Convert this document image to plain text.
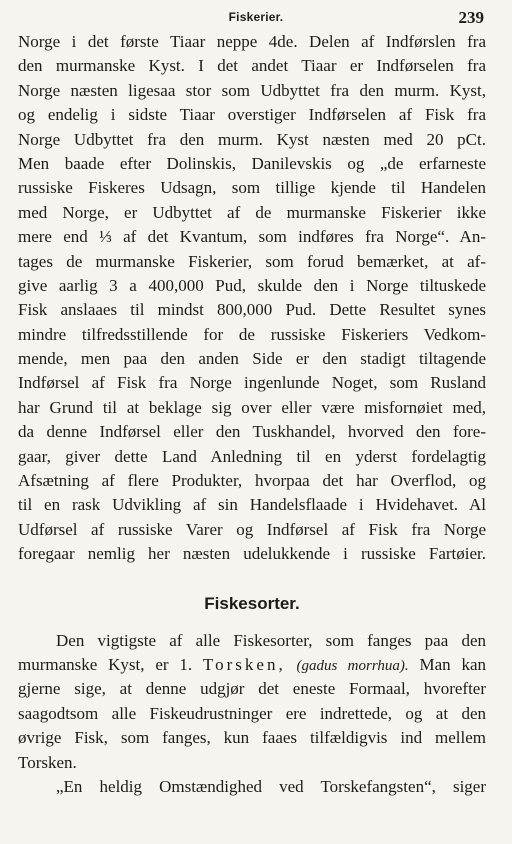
Fiskerier.	239
Norge i det første Tiaar neppe 4de. Delen af Indførslen fra
den murmanske Kyst. I det andet Tiaar er Indførselen fra
Norge næsten ligesaa stor som Udbyttet fra den murm. Kyst,
og endelig i sidste Tiaar overstiger Indførselen af Fisk fra
Norge Udbyttet fra den murm. Kyst næsten med 20 pCt.
Men baade efter Dolinskis, Danilevskis og „de erfarneste
russiske Fiskeres Udsagn, som tillige kjende til Handelen
med Norge, er Udbyttet af de murmanske Fiskerier ikke
mere end ⅓ af det Kvantum, som indføres fra Norge“. An-
tages de murmanske Fiskerier, som forud bemærket, at af-
give aarlig 3 a 400,000 Pud, skulde den i Norge tiltuskede
Fisk anslaaes til mindst 800,000 Pud. Dette Resultet synes
mindre tilfredsstillende for de russiske Fiskeriers Vedkom-
mende, men paa den anden Side er den stadigt tiltagende
Indførsel af Fisk fra Norge ingenlunde Noget, som Rusland
har Grund til at beklage sig over eller være misfornøiet med,
da denne Indførsel eller den Tuskhandel, hvorved den fore-
gaar, giver dette Land Anledning til en yderst fordelagtig
Afsætning af flere Produkter, hvorpaa det har Overflod, og
til en rask Udvikling af sin Handelsflaade i Hvidehavet. Al
Udførsel af russiske Varer og Indførsel af Fisk fra Norge
foregaar nemlig her næsten udelukkende i russiske Fartøier.
Fiskesorter.
Den vigtigste af alle Fiskesorter, som fanges paa den
murmanske Kyst, er 1. Torsken, (gadus morrhua). Man kan
gjerne sige, at denne udgjør det eneste Formaal, hvorefter
saagodtsom alle Fiskeudrustninger ere indrettede, og at den
øvrige Fisk, som fanges, kun faaes tilfældigvis ind mellem
Torsken.
„En heldig Omstændighed ved Torskefangsten“, siger
